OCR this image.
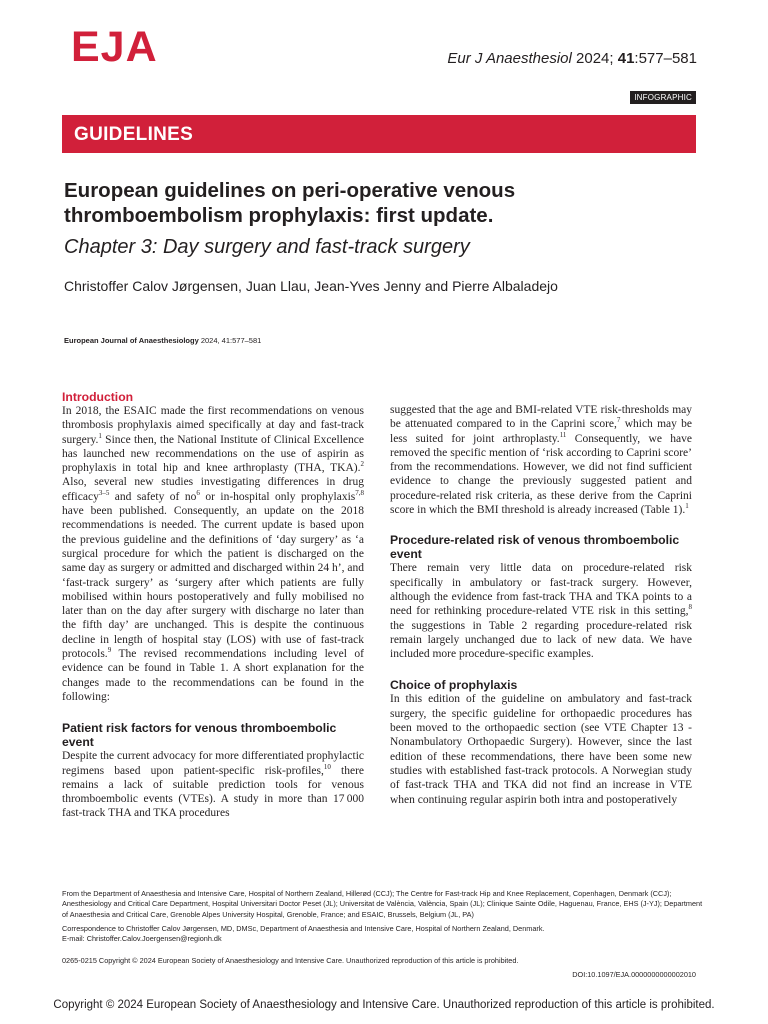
EJA	Eur J Anaesthesiol 2024; 41:577–581
INFOGRAPHIC
GUIDELINES
European guidelines on peri-operative venous thromboembolism prophylaxis: first update.
Chapter 3: Day surgery and fast-track surgery
Christoffer Calov Jørgensen, Juan Llau, Jean-Yves Jenny and Pierre Albaladejo
European Journal of Anaesthesiology 2024, 41:577–581
Introduction

In 2018, the ESAIC made the first recommendations on venous thrombosis prophylaxis aimed specifically at day and fast-track surgery.$^1$ Since then, the National Institute of Clinical Excellence has launched new recommendations on the use of aspirin as prophylaxis in total hip and knee arthroplasty (THA, TKA).$^2$ Also, several new studies investigating differences in drug efficacy$^{3-5}$ and safety of $no^6$ or in-hospital only prophylaxis$^{7,8}$ have been published. Consequently, an update on the 2018 recommendations is needed. The current update is based upon the previous guideline and the definitions of ‘day surgery’ as ‘a surgical procedure for which the patient is discharged on the same day as surgery or admitted and discharged within 24 h’, and ‘fast-track surgery’ as ‘surgery after which patients are fully mobilised within hours postoperatively and fully mobilised no later than on the day after surgery with discharge no later than the fifth day’ are unchanged. This is despite the continuous decline in length of hospital stay (LOS) with use of fast-track protocols.$^9$ The revised recommendations including level of evidence can be found in Table 1. A short explanation for the changes made to the recommendations can be found in the following:

Patient risk factors for venous thromboembolic event

Despite the current advocacy for more differentiated prophylactic regimens based upon patient-specific risk-profiles,$^{10}$ there remains a lack of suitable prediction tools for venous thromboembolic events (VTEs). A study in more than 17 000 fast-track THA and TKA procedures

suggested that the age and BMI-related VTE risk-thresholds may be attenuated compared to in the Caprini score,$^7$ which may be less suited for joint arthroplasty.$^{11}$ Consequently, we have removed the specific mention of ‘risk according to Caprini score’ from the recommendations. However, we did not find sufficient evidence to change the previously suggested patient and procedure-related risk criteria, as these derive from the Caprini score in which the BMI threshold is already increased (Table 1).$^1$

Procedure-related risk of venous thromboembolic event

There remain very little data on procedure-related risk specifically in ambulatory or fast-track surgery. However, although the evidence from fast-track THA and TKA points to a need for rethinking procedure-related VTE risk in this setting,$^8$ the suggestions in Table 2 regarding procedure-related risk remain largely unchanged due to lack of new data. We have included more procedure-specific examples.

Choice of prophylaxis

In this edition of the guideline on ambulatory and fast-track surgery, the specific guideline for orthopaedic procedures has been moved to the orthopaedic section (see VTE Chapter 13 - Nonambulatory Orthopaedic Surgery). However, since the last edition of these recommendations, there have been some new studies with established fast-track protocols. A Norwegian study of fast-track THA and TKA did not find an increase in VTE when continuing regular aspirin both intra and postoperatively

From the Department of Anaesthesia and Intensive Care, Hospital of Northern Zealand, Hillerød (CCJ); The Centre for Fast-track Hip and Knee Replacement, Copenhagen, Denmark (CCJ); Anesthesiology and Critical Care Department, Hospital Universitari Doctor Peset (JL); Universitat de València, València, Spain (JL); Clinique Sainte Odile, Haguenau, France, EHS (J-YJ); Department of Anaesthesia and Critical Care, Grenoble Alpes University Hospital, Grenoble, France; and ESAIC, Brussels, Belgium (JL, PA)
Correspondence to Christoffer Calov Jørgensen, MD, DMSc, Department of Anaesthesia and Intensive Care, Hospital of Northern Zealand, Denmark.
E-mail: Christoffer.Calov.Joergensen@regionh.dk
0265-0215 Copyright © 2024 European Society of Anaesthesiology and Intensive Care. Unauthorized reproduction of this article is prohibited.
DOI:10.1097/EJA.0000000000002010
Copyright © 2024 European Society of Anaesthesiology and Intensive Care. Unauthorized reproduction of this article is prohibited.
